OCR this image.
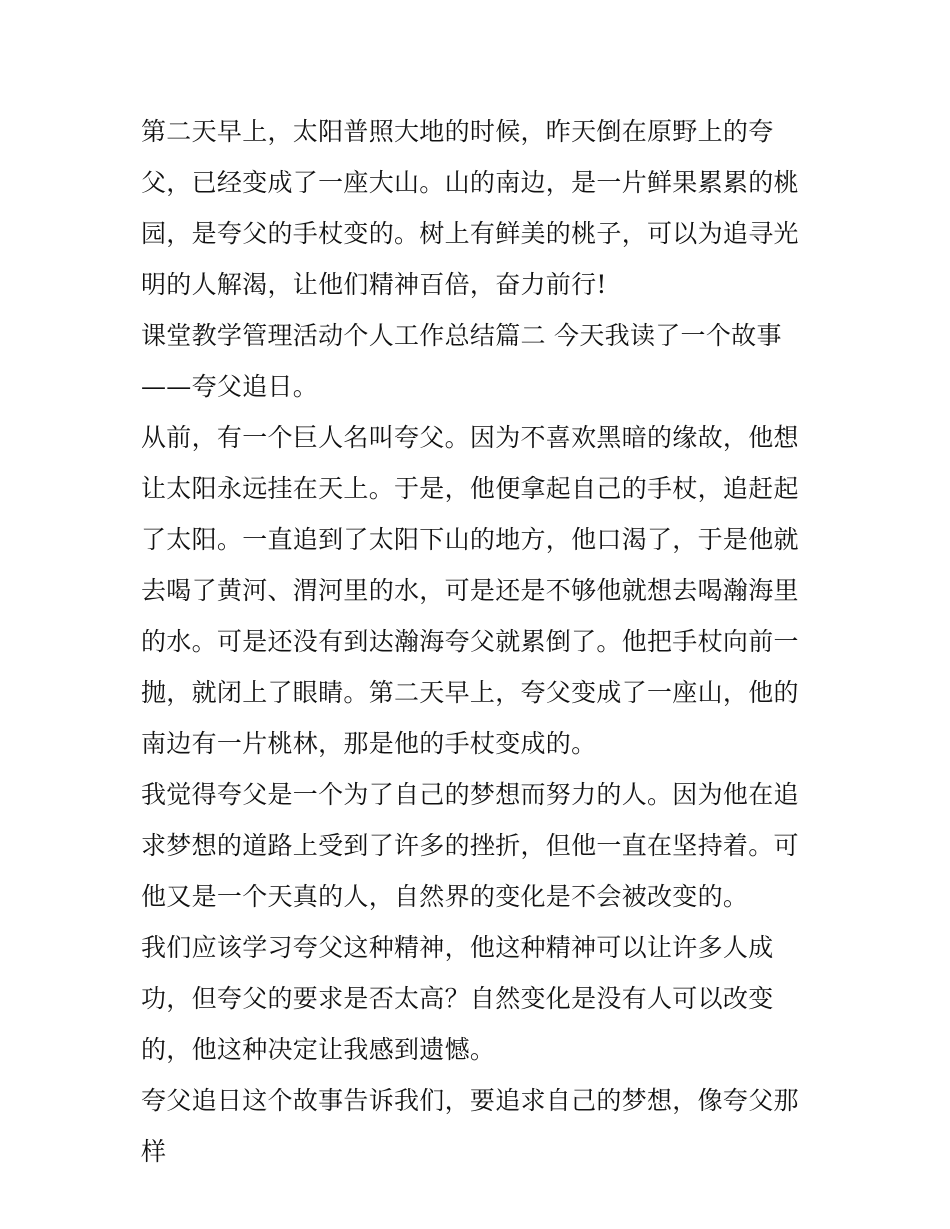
第二天早上，太阳普照大地的时候，昨天倒在原野上的夸父，已经变成了一座大山。山的南边，是一片鲜果累累的桃园，是夸父的手杖变的。树上有鲜美的桃子，可以为追寻光明的人解渴，让他们精神百倍，奋力前行!

课堂教学管理活动个人工作总结篇二 今天我读了一个故事——夸父追日。

从前，有一个巨人名叫夸父。因为不喜欢黑暗的缘故，他想让太阳永远挂在天上。于是，他便拿起自己的手杖，追赶起了太阳。一直追到了太阳下山的地方，他口渴了，于是他就去喝了黄河、渭河里的水，可是还是不够他就想去喝瀚海里的水。可是还没有到达瀚海夸父就累倒了。他把手杖向前一抛，就闭上了眼睛。第二天早上，夸父变成了一座山，他的南边有一片桃林，那是他的手杖变成的。

我觉得夸父是一个为了自己的梦想而努力的人。因为他在追求梦想的道路上受到了许多的挫折，但他一直在坚持着。可他又是一个天真的人，自然界的变化是不会被改变的。

我们应该学习夸父这种精神，他这种精神可以让许多人成功，但夸父的要求是否太高？自然变化是没有人可以改变的，他这种决定让我感到遗憾。

夸父追日这个故事告诉我们，要追求自己的梦想，像夸父那样
